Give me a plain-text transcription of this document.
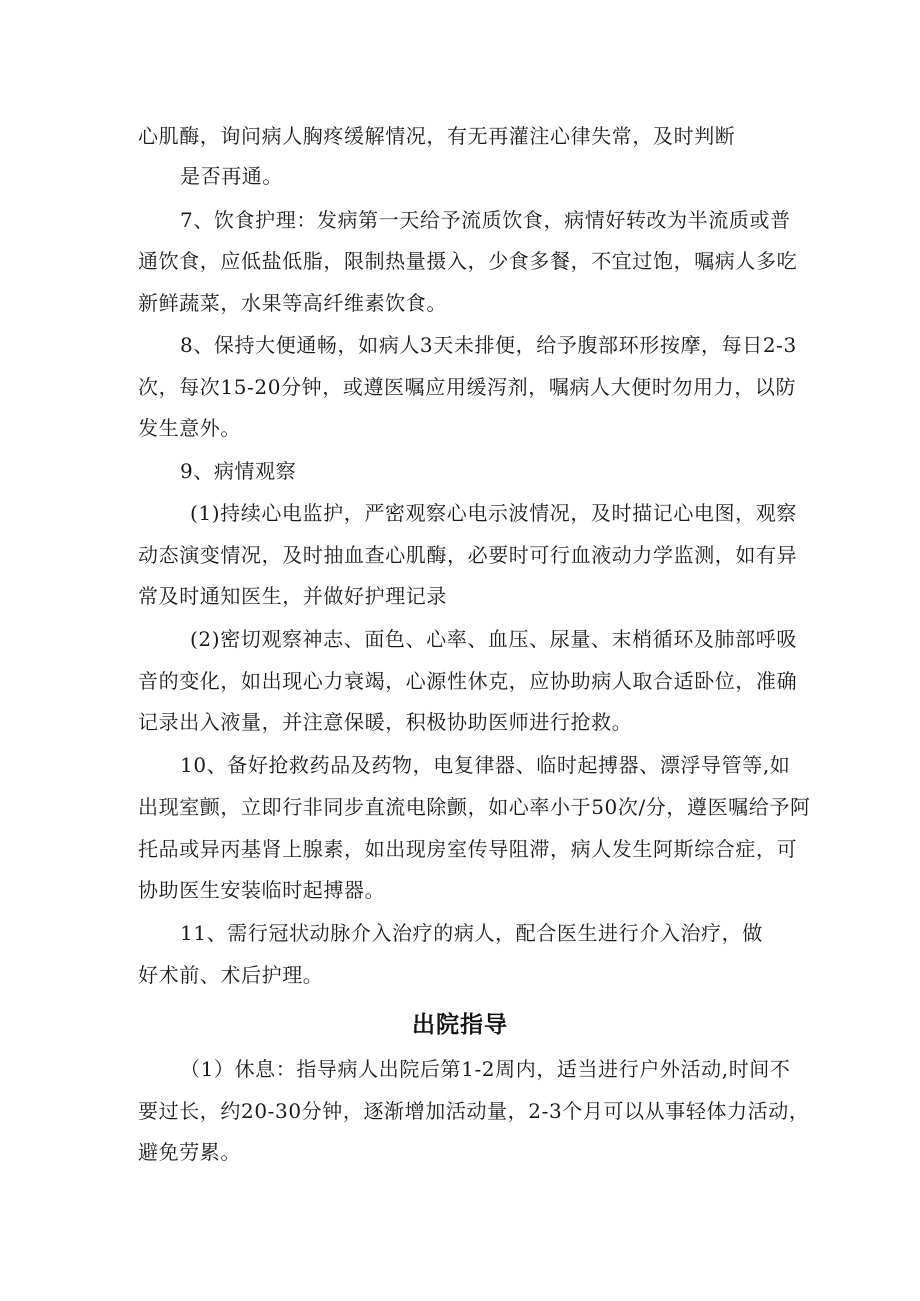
心肌酶，询问病人胸疼缓解情况，有无再灌注心律失常，及时判断
是否再通。
7、饮食护理：发病第一天给予流质饮食，病情好转改为半流质或普
通饮食，应低盐低脂，限制热量摄入，少食多餐，不宜过饱，嘱病人多吃
新鲜蔬菜，水果等高纤维素饮食。
8、保持大便通畅，如病人3天未排便，给予腹部环形按摩，每日2-3
次，每次15-20分钟，或遵医嘱应用缓泻剂，嘱病人大便时勿用力，以防
发生意外。
9、病情观察
(1)持续心电监护，严密观察心电示波情况，及时描记心电图，观察
动态演变情况，及时抽血查心肌酶，必要时可行血液动力学监测，如有异
常及时通知医生，并做好护理记录
(2)密切观察神志、面色、心率、血压、尿量、末梢循环及肺部呼吸
音的变化，如出现心力衰竭，心源性休克，应协助病人取合适卧位，准确
记录出入液量，并注意保暖，积极协助医师进行抢救。
10、备好抢救药品及药物，电复律器、临时起搏器、漂浮导管等,如
出现室颤，立即行非同步直流电除颤，如心率小于50次/分，遵医嘱给予阿
托品或异丙基肾上腺素，如出现房室传导阻滞，病人发生阿斯综合症，可
协助医生安装临时起搏器。
11、需行冠状动脉介入治疗的病人，配合医生进行介入治疗，做
好术前、术后护理。
出院指导
（1）休息：指导病人出院后第1-2周内，适当进行户外活动,时间不
要过长，约20-30分钟，逐渐增加活动量，2-3个月可以从事轻体力活动，
避免劳累。
